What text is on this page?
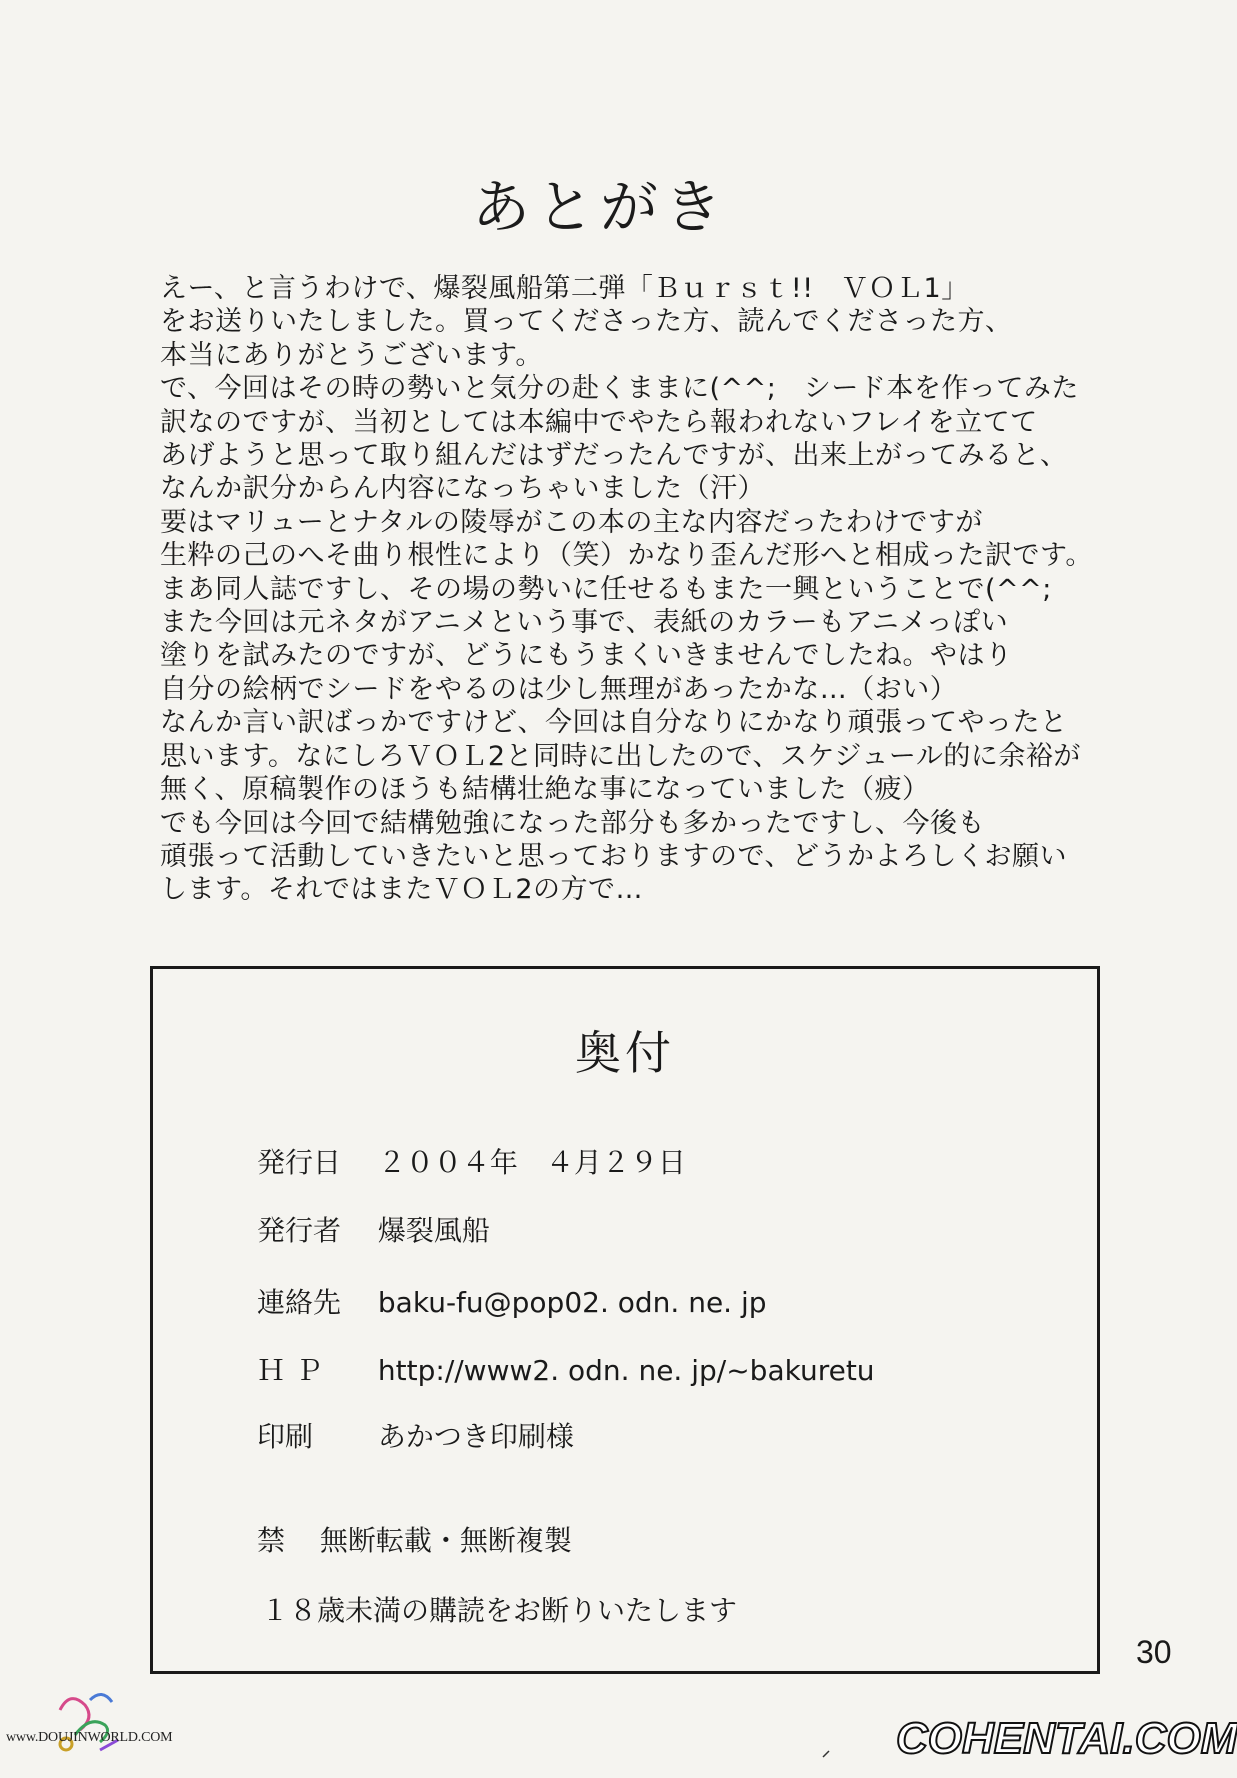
あとがき
えー、と言うわけで、爆裂風船第二弾「Ｂｕｒｓｔ!!　ＶＯＬ1」
をお送りいたしました。買ってくださった方、読んでくださった方、
本当にありがとうございます。
で、今回はその時の勢いと気分の赴くままに(^^;　シード本を作ってみた
訳なのですが、当初としては本編中でやたら報われないフレイを立てて
あげようと思って取り組んだはずだったんですが、出来上がってみると、
なんか訳分からん内容になっちゃいました（汗）
要はマリューとナタルの陵辱がこの本の主な内容だったわけですが
生粋の己のへそ曲り根性により（笑）かなり歪んだ形へと相成った訳です。
まあ同人誌ですし、その場の勢いに任せるもまた一興ということで(^^;
また今回は元ネタがアニメという事で、表紙のカラーもアニメっぽい
塗りを試みたのですが、どうにもうまくいきませんでしたね。やはり
自分の絵柄でシードをやるのは少し無理があったかな…（おい）
なんか言い訳ばっかですけど、今回は自分なりにかなり頑張ってやったと
思います。なにしろＶＯＬ2と同時に出したので、スケジュール的に余裕が
無く、原稿製作のほうも結構壮絶な事になっていました（疲）
でも今回は今回で結構勉強になった部分も多かったですし、今後も
頑張って活動していきたいと思っておりますので、どうかよろしくお願い
します。それではまたＶＯＬ2の方で…
奥付
発行日 ２００４年　４月２９日
発行者 爆裂風船
連絡先 baku-fu@pop02. odn. ne. jp
ＨＰ http://www2. odn. ne. jp/~bakuretu
印刷 あかつき印刷様
禁 無断転載・無断複製
１８歳未満の購読をお断りいたします
30
www.DOUJINWORLD.COM	COHENTAI.COM
